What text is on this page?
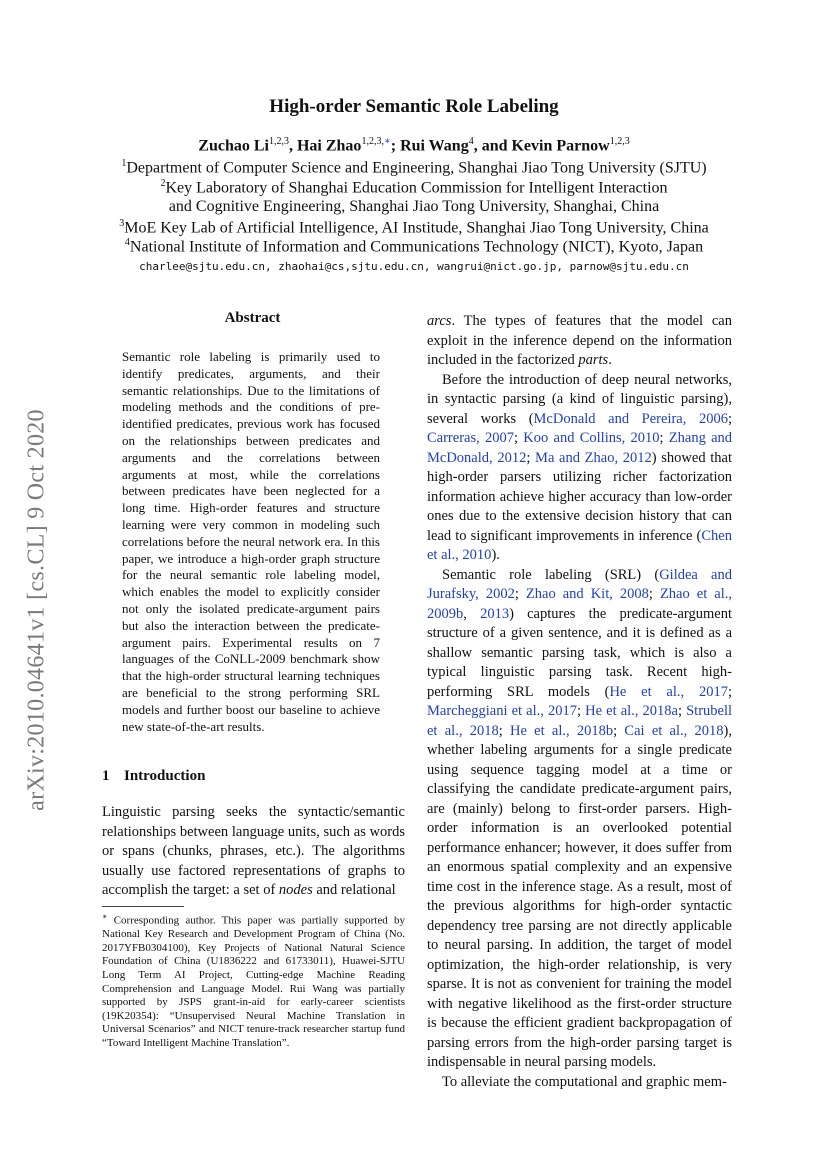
High-order Semantic Role Labeling
Zuchao Li$^{1,2,3}$, Hai Zhao$^{1,2,3,∗}$; Rui Wang$^4$, and Kevin Parnow$^{1,2,3}$
$^1$Department of Computer Science and Engineering, Shanghai Jiao Tong University (SJTU)
$^2$Key Laboratory of Shanghai Education Commission for Intelligent Interaction
and Cognitive Engineering, Shanghai Jiao Tong University, Shanghai, China
$^3$MoE Key Lab of Artificial Intelligence, AI Institude, Shanghai Jiao Tong University, China
$^4$National Institute of Information and Communications Technology (NICT), Kyoto, Japan
charlee@sjtu.edu.cn, zhaohai@cs,sjtu.edu.cn, wangrui@nict.go.jp, parnow@sjtu.edu.cn
arXiv:2010.04641v1 [cs.CL] 9 Oct 2020
Abstract
Semantic role labeling is primarily used to identify predicates, arguments, and their semantic relationships. Due to the limitations of modeling methods and the conditions of pre-identified predicates, previous work has focused on the relationships between predicates and arguments and the correlations between arguments at most, while the correlations between predicates have been neglected for a long time. High-order features and structure learning were very common in modeling such correlations before the neural network era. In this paper, we introduce a high-order graph structure for the neural semantic role labeling model, which enables the model to explicitly consider not only the isolated predicate-argument pairs but also the interaction between the predicate-argument pairs. Experimental results on 7 languages of the CoNLL-2009 benchmark show that the high-order structural learning techniques are beneficial to the strong performing SRL models and further boost our baseline to achieve new state-of-the-art results.
1 Introduction

Linguistic parsing seeks the syntactic/semantic relationships between language units, such as words or spans (chunks, phrases, etc.). The algorithms usually use factored representations of graphs to accomplish the target: a set of nodes and relational

∗ Corresponding author. This paper was partially supported by National Key Research and Development Program of China (No. 2017YFB0304100), Key Projects of National Natural Science Foundation of China (U1836222 and 61733011), Huawei-SJTU Long Term AI Project, Cutting-edge Machine Reading Comprehension and Language Model. Rui Wang was partially supported by JSPS grant-in-aid for early-career scientists (19K20354): “Unsupervised Neural Machine Translation in Universal Scenarios” and NICT tenure-track researcher startup fund “Toward Intelligent Machine Translation”.

arcs. The types of features that the model can exploit in the inference depend on the information included in the factorized parts.

Before the introduction of deep neural networks, in syntactic parsing (a kind of linguistic parsing), several works (McDonald and Pereira, 2006; Carreras, 2007; Koo and Collins, 2010; Zhang and McDonald, 2012; Ma and Zhao, 2012) showed that high-order parsers utilizing richer factorization information achieve higher accuracy than low-order ones due to the extensive decision history that can lead to significant improvements in inference (Chen et al., 2010).

Semantic role labeling (SRL) (Gildea and Jurafsky, 2002; Zhao and Kit, 2008; Zhao et al., 2009b, 2013) captures the predicate-argument structure of a given sentence, and it is defined as a shallow semantic parsing task, which is also a typical linguistic parsing task. Recent high-performing SRL models (He et al., 2017; Marcheggiani et al., 2017; He et al., 2018a; Strubell et al., 2018; He et al., 2018b; Cai et al., 2018), whether labeling arguments for a single predicate using sequence tagging model at a time or classifying the candidate predicate-argument pairs, are (mainly) belong to first-order parsers. High-order information is an overlooked potential performance enhancer; however, it does suffer from an enormous spatial complexity and an expensive time cost in the inference stage. As a result, most of the previous algorithms for high-order syntactic dependency tree parsing are not directly applicable to neural parsing. In addition, the target of model optimization, the high-order relationship, is very sparse. It is not as convenient for training the model with negative likelihood as the first-order structure is because the efficient gradient backpropagation of parsing errors from the high-order parsing target is indispensable in neural parsing models.

To alleviate the computational and graphic mem-
